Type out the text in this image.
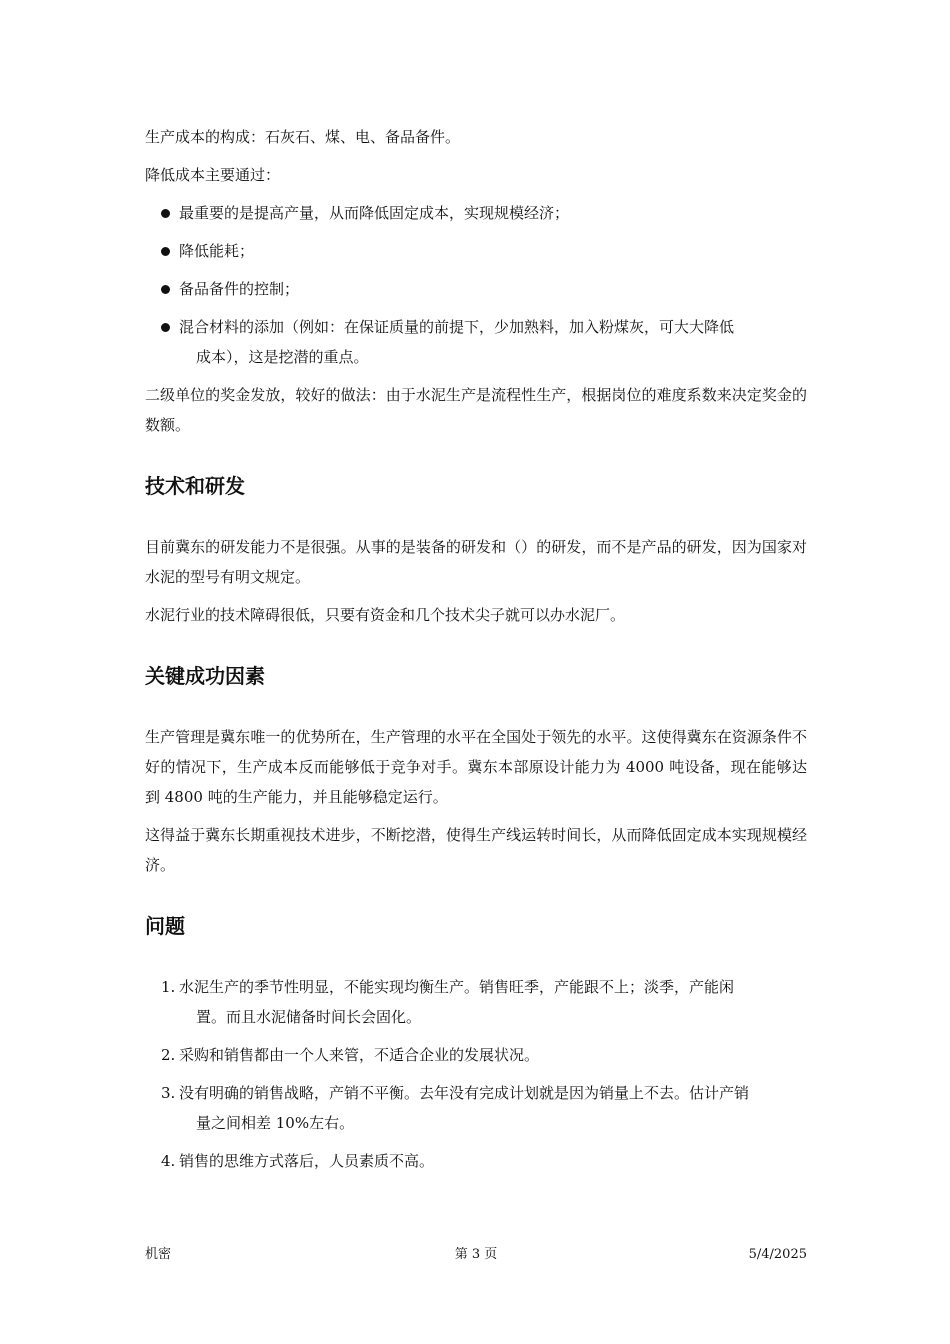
生产成本的构成：石灰石、煤、电、备品备件。

降低成本主要通过：

最重要的是提高产量，从而降低固定成本，实现规模经济；
降低能耗；
备品备件的控制；
混合材料的添加（例如：在保证质量的前提下，少加熟料，加入粉煤灰，可大大降低
成本），这是挖潜的重点。

二级单位的奖金发放，较好的做法：由于水泥生产是流程性生产，根据岗位的难度系数来决定奖金的数额。

技术和研发

目前冀东的研发能力不是很强。从事的是装备的研发和（）的研发，而不是产品的研发，因为国家对水泥的型号有明文规定。

水泥行业的技术障碍很低，只要有资金和几个技术尖子就可以办水泥厂。

关键成功因素

生产管理是冀东唯一的优势所在，生产管理的水平在全国处于领先的水平。这使得冀东在资源条件不好的情况下，生产成本反而能够低于竞争对手。冀东本部原设计能力为 4000 吨设备，现在能够达到 4800 吨的生产能力，并且能够稳定运行。

这得益于冀东长期重视技术进步，不断挖潜，使得生产线运转时间长，从而降低固定成本实现规模经济。

问题
1. 水泥生产的季节性明显，不能实现均衡生产。销售旺季，产能跟不上；淡季，产能闲
置。而且水泥储备时间长会固化。
2. 采购和销售都由一个人来管，不适合企业的发展状况。
3. 没有明确的销售战略，产销不平衡。去年没有完成计划就是因为销量上不去。估计产销
量之间相差 10%左右。
4. 销售的思维方式落后，人员素质不高。
机密	第 3 页	5/4/2025
